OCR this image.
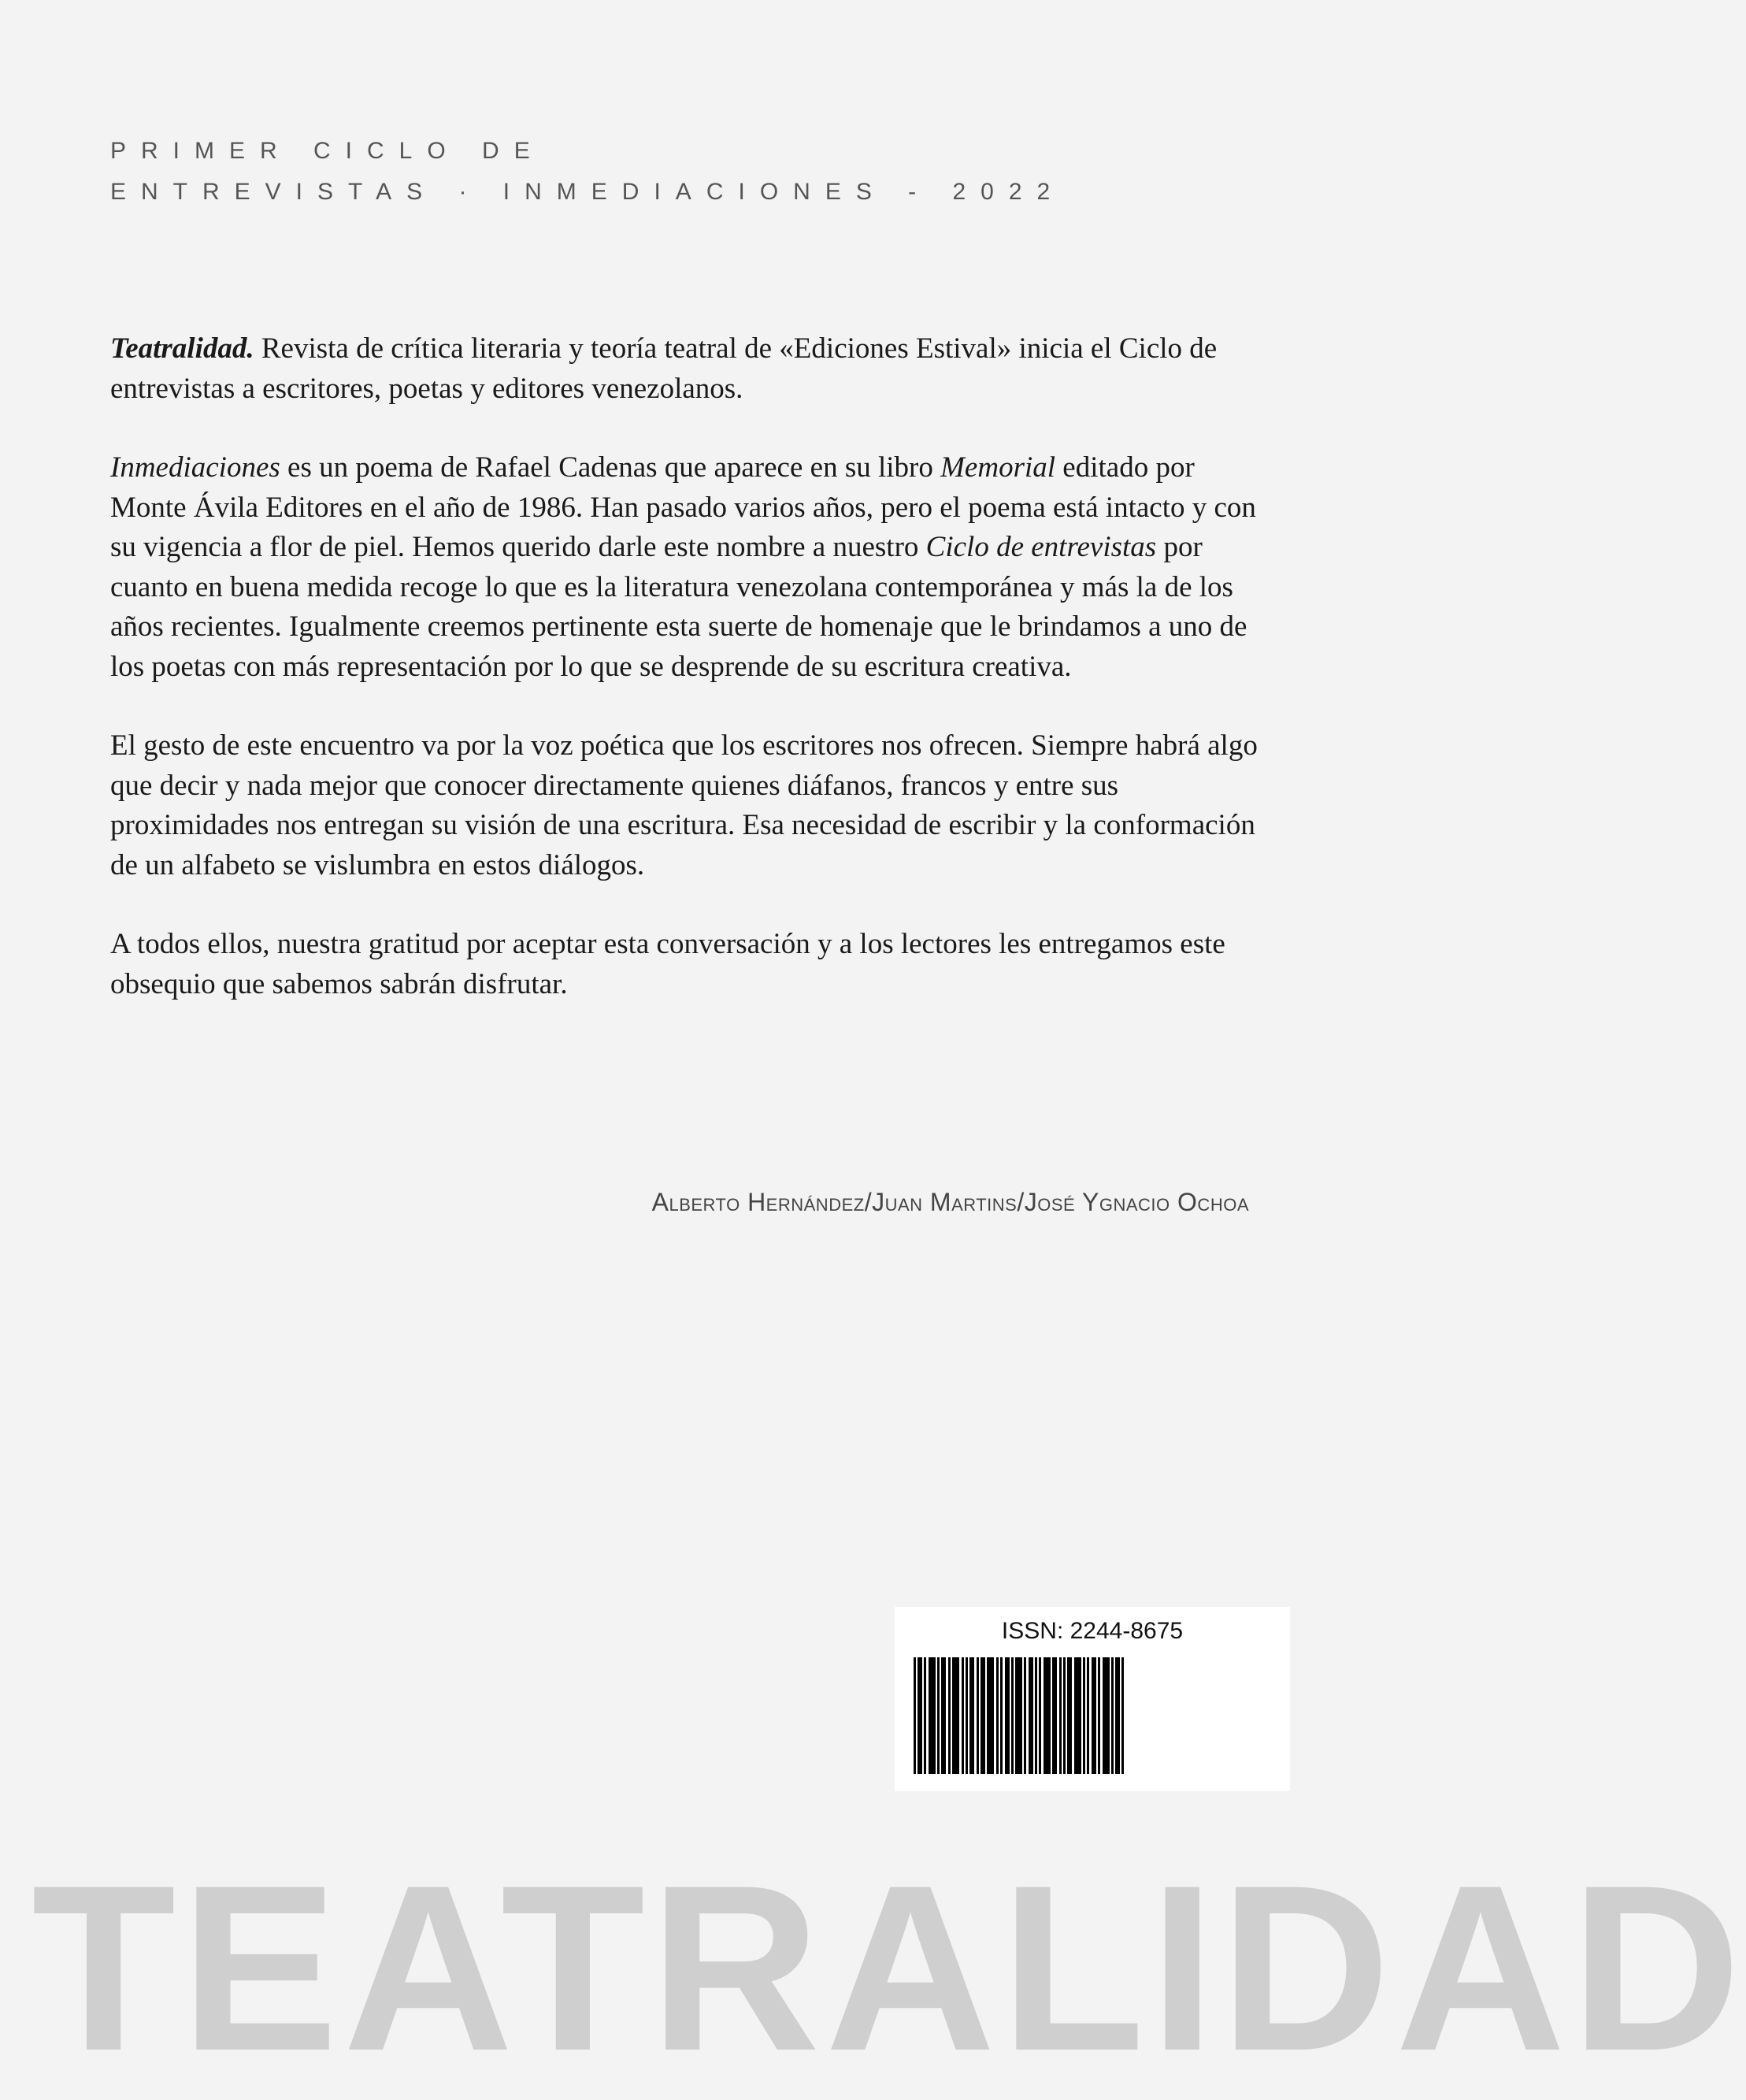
PRIMER CICLO DE
ENTREVISTAS · INMEDIACIONES - 2022

Teatralidad. Revista de crítica literaria y teoría teatral de «Ediciones Estival» inicia el Ciclo de entrevistas a escritores, poetas y editores venezolanos.

Inmediaciones es un poema de Rafael Cadenas que aparece en su libro Memorial editado por Monte Ávila Editores en el año de 1986. Han pasado varios años, pero el poema está intacto y con su vigencia a flor de piel. Hemos querido darle este nombre a nuestro Ciclo de entrevistas por cuanto en buena medida recoge lo que es la literatura venezolana contemporánea y más la de los años recientes. Igualmente creemos pertinente esta suerte de homenaje que le brindamos a uno de los poetas con más representación por lo que se desprende de su escritura creativa.

El gesto de este encuentro va por la voz poética que los escritores nos ofrecen. Siempre habrá algo que decir y nada mejor que conocer directamente quienes diáfanos, francos y entre sus proximidades nos entregan su visión de una escritura. Esa necesidad de escribir y la conformación de un alfabeto se vislumbra en estos diálogos.

A todos ellos, nuestra gratitud por aceptar esta conversación y a los lectores les entregamos este obsequio que sabemos sabrán disfrutar.

Alberto Hernández/Juan Martins/José Ygnacio Ochoa
ISSN: 2244-8675
TEATRALIDAD
